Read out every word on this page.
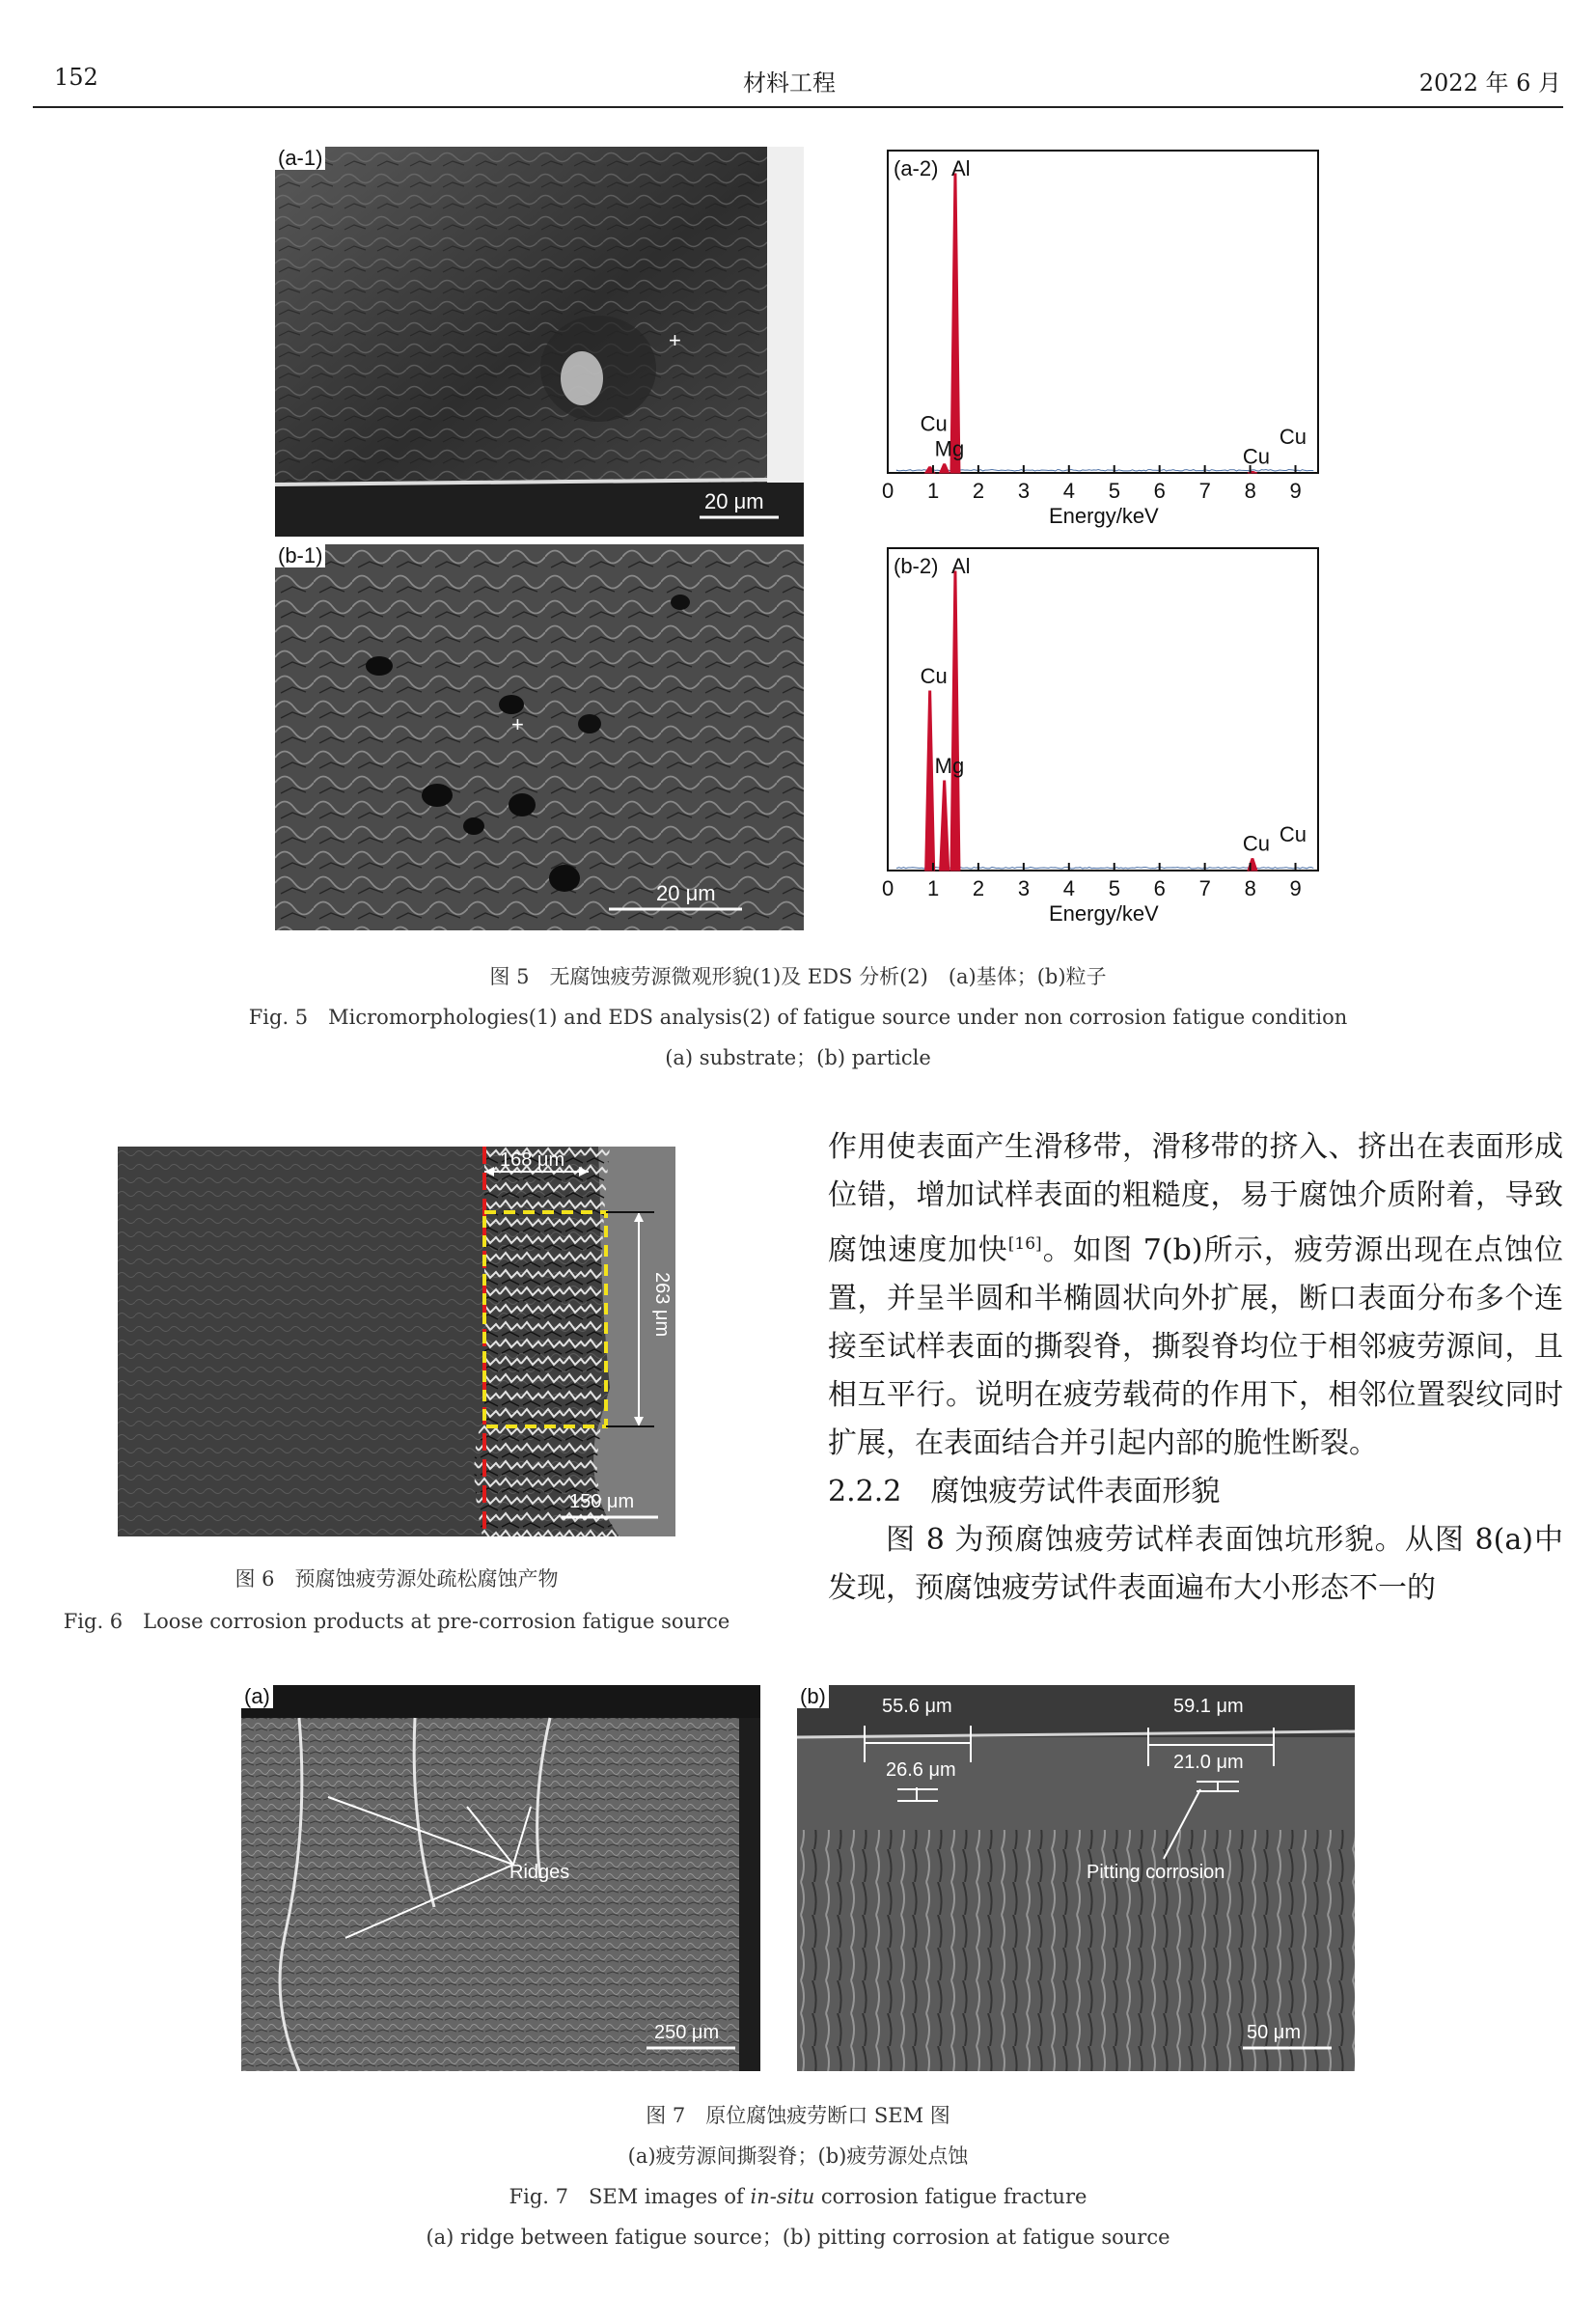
152	材料工程	2022 年 6 月
+
20 μm
(a-1)
+
20 μm
(b-1)
0 1 2 3 4 5 6 7 8 9
Energy/keV
(a-2) Al
Mg
Cu
Cu
Cu
0 1 2 3 4 5 6 7 8 9
Energy/keV
(b-2) Al
Cu
Mg
Cu Cu
图 5　无腐蚀疲劳源微观形貌(1)及 EDS 分析(2)　(a)基体；(b)粒子
Fig. 5　Micromorphologies(1) and EDS analysis(2) of fatigue source under non corrosion fatigue condition
(a) substrate；(b) particle
168 μm
263 μm
150 μm
图 6　预腐蚀疲劳源处疏松腐蚀产物
Fig. 6　Loose corrosion products at pre-corrosion fatigue source

作用使表面产生滑移带，滑移带的挤入、挤出在表面形成位错，增加试样表面的粗糙度，易于腐蚀介质附着，导致腐蚀速度加快[16]。如图 7(b)所示，疲劳源出现在点蚀位置，并呈半圆和半椭圆状向外扩展，断口表面分布多个连接至试样表面的撕裂脊，撕裂脊均位于相邻疲劳源间，且相互平行。说明在疲劳载荷的作用下，相邻位置裂纹同时扩展，在表面结合并引起内部的脆性断裂。

2.2.2　腐蚀疲劳试件表面形貌

图 8 为预腐蚀疲劳试样表面蚀坑形貌。从图 8(a)中发现，预腐蚀疲劳试件表面遍布大小形态不一的

Ridges
250 μm
(a)	55.6 μm
26.6 μm
59.1 μm
21.0 μm
Pitting corrosion
50 μm
(b)
图 7　原位腐蚀疲劳断口 SEM 图
(a)疲劳源间撕裂脊；(b)疲劳源处点蚀
Fig. 7　SEM images of in-situ corrosion fatigue fracture
(a) ridge between fatigue source；(b) pitting corrosion at fatigue source
